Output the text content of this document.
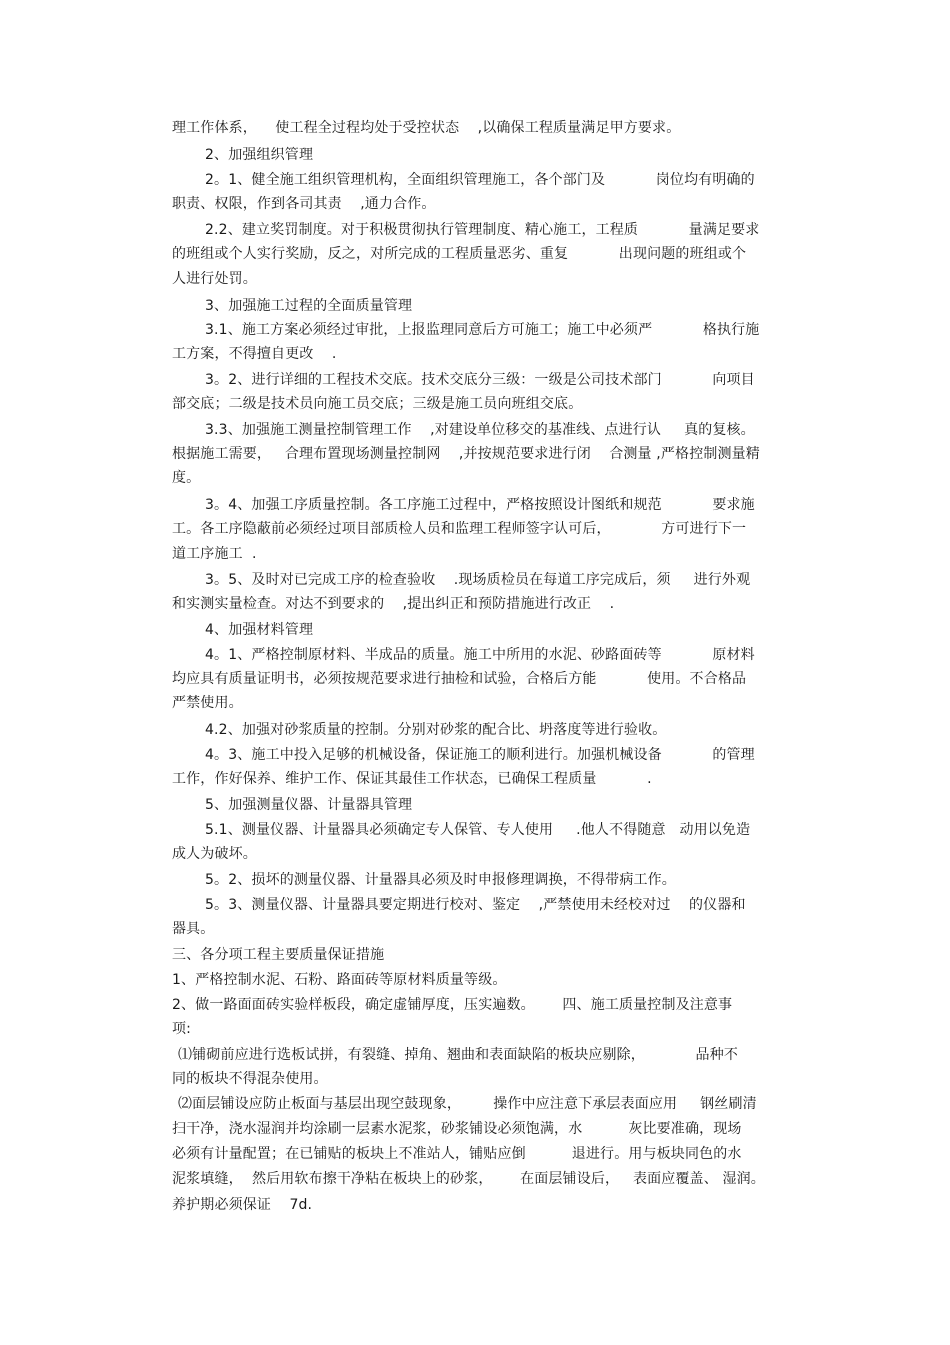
理工作体系，    使工程全过程均处于受控状态    ,以确保工程质量满足甲方要求。
2、加强组织管理
2。1、健全施工组织管理机构，全面组织管理施工，各个部门及           岗位均有明确的
职责、权限，作到各司其责    ,通力合作。
2.2、建立奖罚制度。对于积极贯彻执行管理制度、精心施工，工程质           量满足要求
的班组或个人实行奖励，反之，对所完成的工程质量恶劣、重复           出现问题的班组或个
人进行处罚。
3、加强施工过程的全面质量管理
3.1、施工方案必须经过审批，上报监理同意后方可施工；施工中必须严           格执行施
工方案，不得擅自更改    .
3。2、进行详细的工程技术交底。技术交底分三级：一级是公司技术部门           向项目
部交底；二级是技术员向施工员交底；三级是施工员向班组交底。
3.3、加强施工测量控制管理工作    ,对建设单位移交的基准线、点进行认     真的复核。
根据施工需要，   合理布置现场测量控制网    ,并按规范要求进行闭    合测量 ,严格控制测量精
度。
3。4、加强工序质量控制。各工序施工过程中，严格按照设计图纸和规范           要求施
工。各工序隐蔽前必须经过项目部质检人员和监理工程师签字认可后，           方可进行下一
道工序施工  .
3。5、及时对已完成工序的检查验收    .现场质检员在每道工序完成后，须     进行外观
和实测实量检查。对达不到要求的    ,提出纠正和预防措施进行改正    .
4、加强材料管理
4。1、严格控制原材料、半成品的质量。施工中所用的水泥、砂路面砖等           原材料
均应具有质量证明书，必须按规范要求进行抽检和试验，合格后方能           使用。不合格品
严禁使用。
4.2、加强对砂浆质量的控制。分别对砂浆的配合比、坍落度等进行验收。
4。3、施工中投入足够的机械设备，保证施工的顺利进行。加强机械设备           的管理
工作，作好保养、维护工作、保证其最佳工作状态，已确保工程质量           .
5、加强测量仪器、计量器具管理
5.1、测量仪器、计量器具必须确定专人保管、专人使用     .他人不得随意   动用以免造
成人为破坏。
5。2、损坏的测量仪器、计量器具必须及时申报修理调换，不得带病工作。
5。3、测量仪器、计量器具要定期进行校对、鉴定    ,严禁使用未经校对过    的仪器和
器具。
三、各分项工程主要质量保证措施
1、严格控制水泥、石粉、路面砖等原材料质量等级。
2、做一路面面砖实验样板段，确定虚铺厚度，压实遍数。      四、施工质量控制及注意事
项:
⑴铺砌前应进行选板试拼，有裂缝、掉角、翘曲和表面缺陷的板块应剔除，           品种不
同的板块不得混杂使用。
⑵面层铺设应防止板面与基层出现空鼓现象，       操作中应注意下承层表面应用     钢丝刷清
扫干净，浇水湿润并均涂刷一层素水泥浆，砂浆铺设必须饱满，水          灰比要准确，现场
必须有计量配置；在已铺贴的板块上不准站人，铺贴应倒          退进行。用与板块同色的水
泥浆填缝，  然后用软布擦干净粘在板块上的砂浆，      在面层铺设后，   表面应覆盖、 湿润。
养护期必须保证    7d.
